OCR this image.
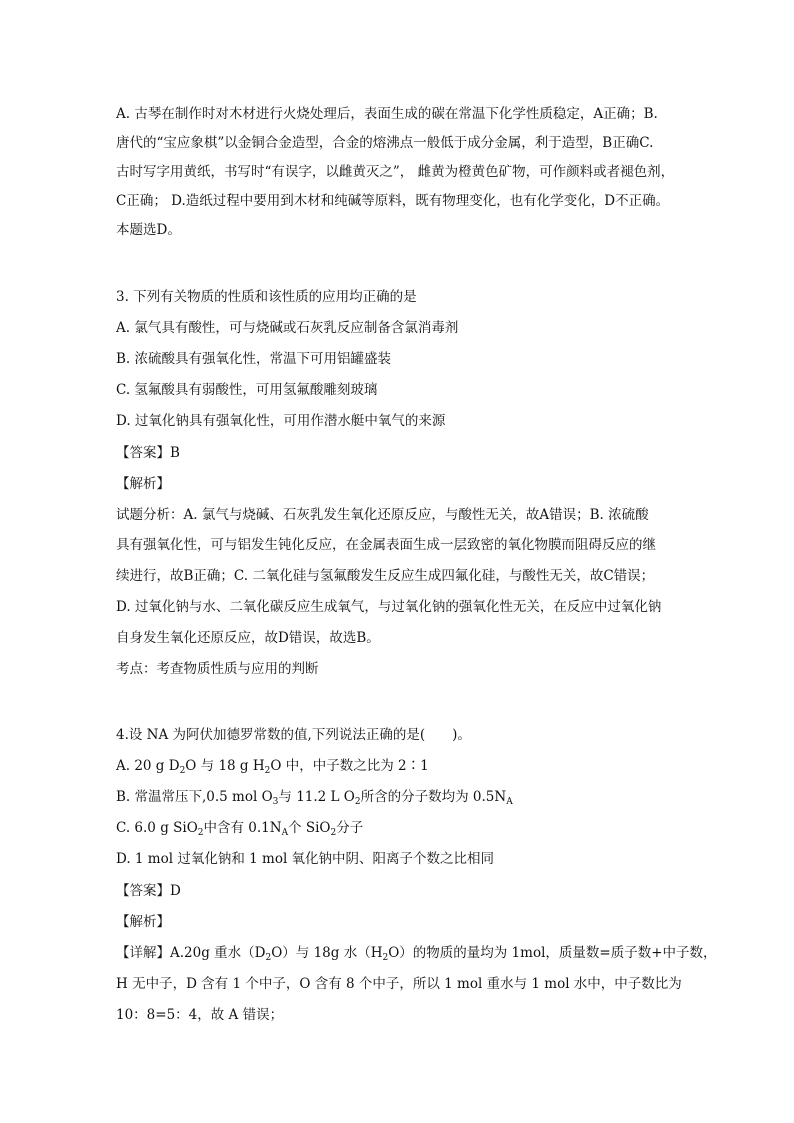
A. 古琴在制作时对木材进行火烧处理后，表面生成的碳在常温下化学性质稳定，A正确；B.
唐代的“宝应象棋”以金铜合金造型，合金的熔沸点一般低于成分金属，利于造型，B正确C.
古时写字用黄纸，书写时“有误字，以雌黄灭之”， 雌黄为橙黄色矿物，可作颜料或者褪色剂，
C正确； D.造纸过程中要用到木材和纯碱等原料，既有物理变化，也有化学变化，D不正确。
本题选D。
3. 下列有关物质的性质和该性质的应用均正确的是
A. 氯气具有酸性，可与烧碱或石灰乳反应制备含氯消毒剂
B. 浓硫酸具有强氧化性，常温下可用铝罐盛装
C. 氢氟酸具有弱酸性，可用氢氟酸雕刻玻璃
D. 过氧化钠具有强氧化性，可用作潜水艇中氧气的来源
【答案】B
【解析】
试题分析：A. 氯气与烧碱、石灰乳发生氧化还原反应，与酸性无关，故A错误；B. 浓硫酸
具有强氧化性，可与铝发生钝化反应，在金属表面生成一层致密的氧化物膜而阻碍反应的继
续进行，故B正确；C. 二氧化硅与氢氟酸发生反应生成四氟化硅，与酸性无关，故C错误；
D. 过氧化钠与水、二氧化碳反应生成氧气，与过氧化钠的强氧化性无关，在反应中过氧化钠
自身发生氧化还原反应，故D错误，故选B。
考点：考查物质性质与应用的判断
4.设 NA 为阿伏加德罗常数的值,下列说法正确的是(　　)。
A. 20 g $D_2O$ 与 18 g $H_2O$ 中，中子数之比为 2∶1
B. 常温常压下,0.5 mol $O_3$与 11.2 L $O_2$所含的分子数均为 $0.5N_A$
C. 6.0 g SiO$_2$中含有 $0.1N_A$个 SiO$_2$分子
D. 1 mol 过氧化钠和 1 mol 氧化钠中阴、阳离子个数之比相同
【答案】D
【解析】
【详解】A.20g 重水$(D_2O)$与 18g 水$(H_2O)$的物质的量均为 1mol，质量数=质子数+中子数，
H 无中子，D 含有 1 个中子，O 含有 8 个中子，所以 1 mol 重水与 1 mol 水中，中子数比为
10：8=5：4，故 A 错误；
